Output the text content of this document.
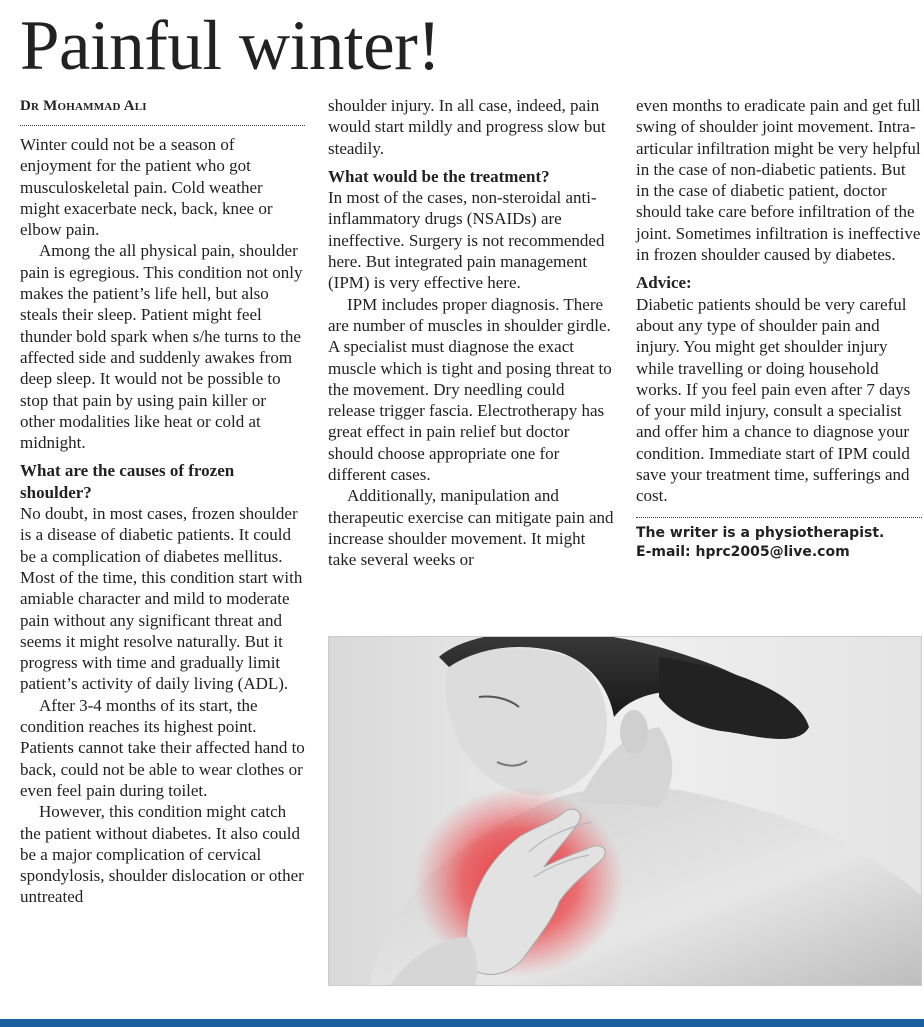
Painful winter!
Dr Mohammad Ali

Winter could not be a season of enjoyment for the patient who got musculoskeletal pain. Cold weather might exacerbate neck, back, knee or elbow pain.

Among the all physical pain, shoulder pain is egregious. This condition not only makes the patient’s life hell, but also steals their sleep. Patient might feel thunder bold spark when s/he turns to the affected side and suddenly awakes from deep sleep. It would not be possible to stop that pain by using pain killer or other modalities like heat or cold at midnight.

What are the causes of frozen shoulder?

No doubt, in most cases, frozen shoulder is a disease of diabetic patients. It could be a complication of diabetes mellitus. Most of the time, this condition start with amiable character and mild to moderate pain without any significant threat and seems it might resolve naturally. But it progress with time and gradually limit patient’s activity of daily living (ADL).

After 3-4 months of its start, the condition reaches its highest point. Patients cannot take their affected hand to back, could not be able to wear clothes or even feel pain during toilet.

However, this condition might catch the patient without diabetes. It also could be a major complication of cervical spondylosis, shoulder dislocation or other untreated

shoulder injury. In all case, indeed, pain would start mildly and progress slow but steadily.

What would be the treatment?

In most of the cases, non-steroidal anti-inflammatory drugs (NSAIDs) are ineffective. Surgery is not recommended here. But integrated pain management (IPM) is very effective here.

IPM includes proper diagnosis. There are number of muscles in shoulder girdle. A specialist must diagnose the exact muscle which is tight and posing threat to the movement. Dry needling could release trigger fascia. Electrotherapy has great effect in pain relief but doctor should choose appropriate one for different cases.

Additionally, manipulation and therapeutic exercise can mitigate pain and increase shoulder movement. It might take several weeks or

even months to eradicate pain and get full swing of shoulder joint movement. Intra-articular infiltration might be very helpful in the case of non-diabetic patients. But in the case of diabetic patient, doctor should take care before infiltration of the joint. Sometimes infiltration is ineffective in frozen shoulder caused by diabetes.

Advice:

Diabetic patients should be very careful about any type of shoulder pain and injury. You might get shoulder injury while travelling or doing household works. If you feel pain even after 7 days of your mild injury, consult a specialist and offer him a chance to diagnose your condition. Immediate start of IPM could save your treatment time, sufferings and cost.

The writer is a physiotherapist.

E-mail: hprc2005@live.com
